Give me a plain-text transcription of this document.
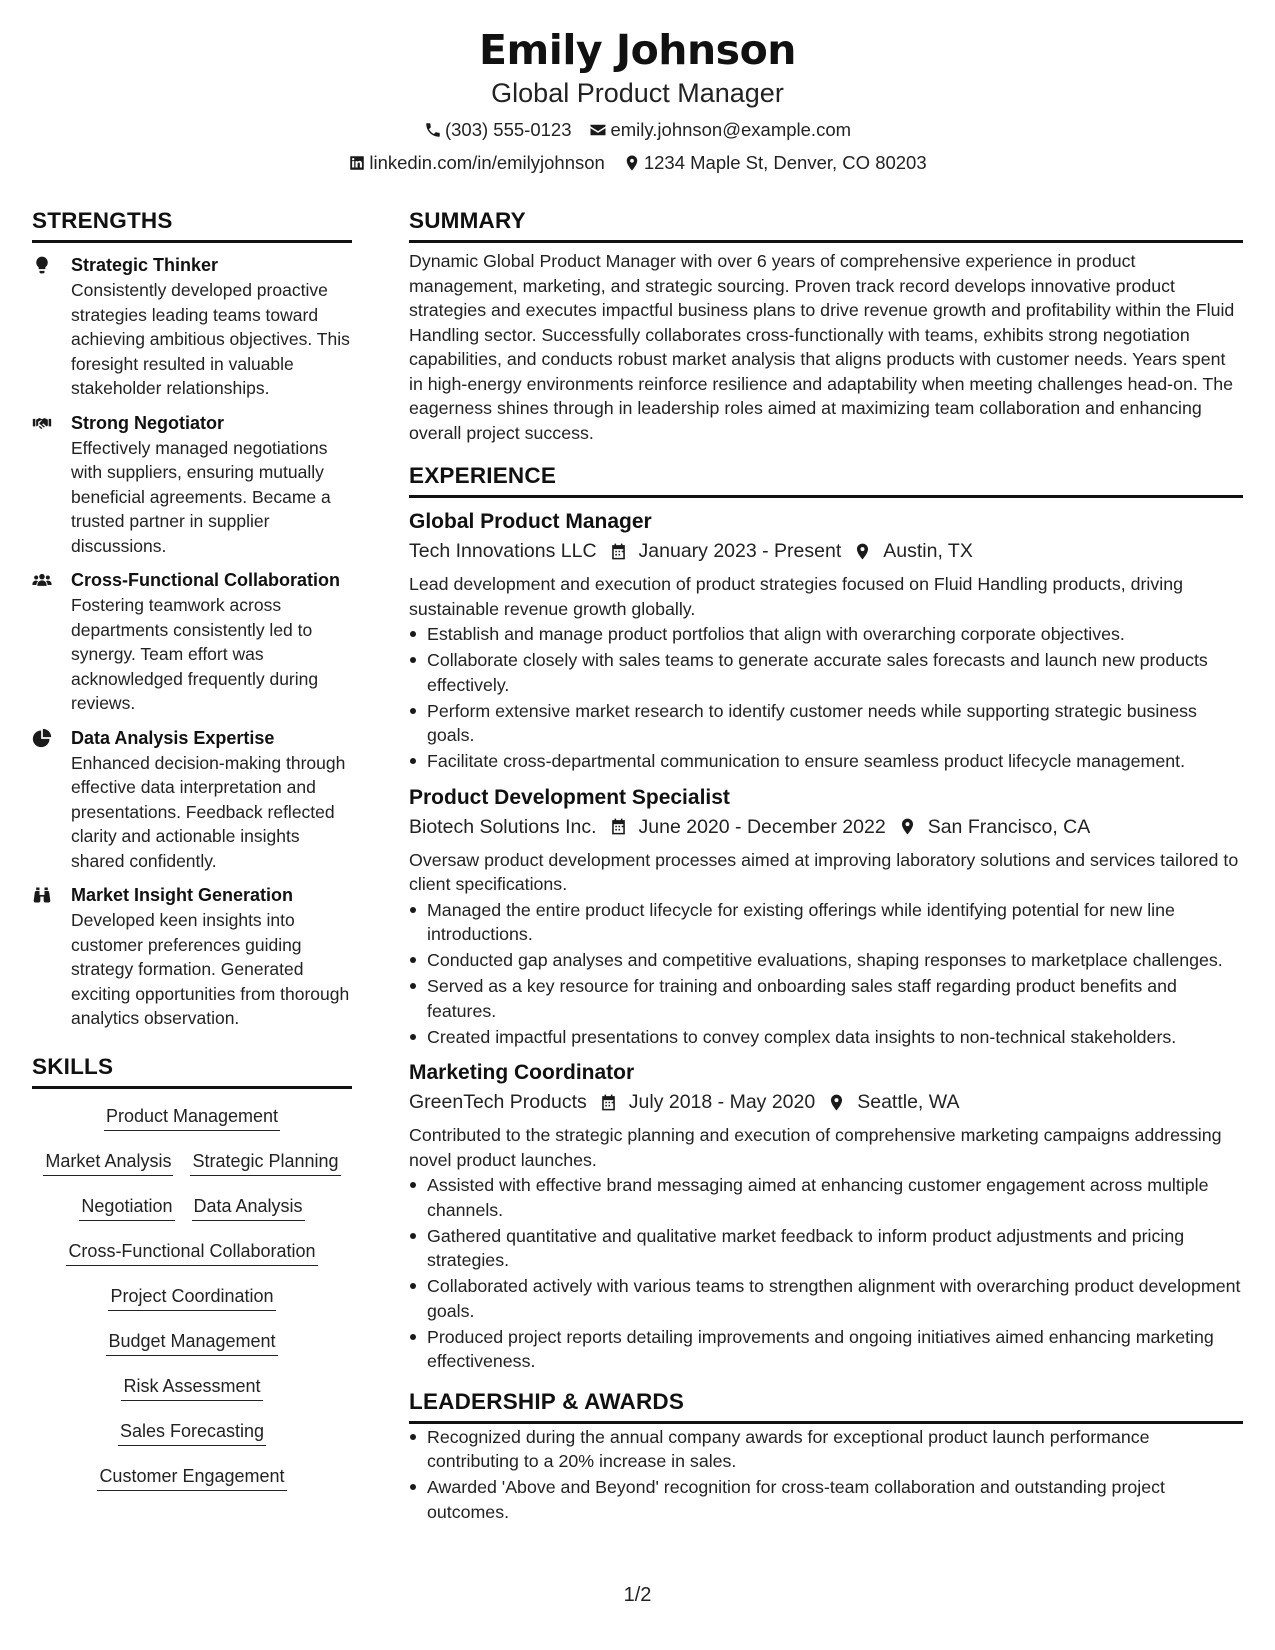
Emily Johnson
Global Product Manager
(303) 555-0123 emily.johnson@example.com
linkedin.com/in/emilyjohnson 1234 Maple St, Denver, CO 80203
STRENGTHS
Strategic Thinker
Consistently developed proactive strategies leading teams toward achieving ambitious objectives. This foresight resulted in valuable stakeholder relationships.
Strong Negotiator
Effectively managed negotiations with suppliers, ensuring mutually beneficial agreements. Became a trusted partner in supplier discussions.
Cross-Functional Collaboration
Fostering teamwork across departments consistently led to synergy. Team effort was acknowledged frequently during reviews.
Data Analysis Expertise
Enhanced decision-making through effective data interpretation and presentations. Feedback reflected clarity and actionable insights shared confidently.
Market Insight Generation
Developed keen insights into customer preferences guiding strategy formation. Generated exciting opportunities from thorough analytics observation.
SKILLS
Product Management
Market Analysis Strategic Planning
Negotiation Data Analysis
Cross-Functional Collaboration
Project Coordination
Budget Management
Risk Assessment
Sales Forecasting
Customer Engagement
SUMMARY
Dynamic Global Product Manager with over 6 years of comprehensive experience in product management, marketing, and strategic sourcing. Proven track record develops innovative product strategies and executes impactful business plans to drive revenue growth and profitability within the Fluid Handling sector. Successfully collaborates cross-functionally with teams, exhibits strong negotiation capabilities, and conducts robust market analysis that aligns products with customer needs. Years spent in high-energy environments reinforce resilience and adaptability when meeting challenges head-on. The eagerness shines through in leadership roles aimed at maximizing team collaboration and enhancing overall project success.
EXPERIENCE
Global Product Manager
Tech Innovations LLC January 2023 - Present Austin, TX
Lead development and execution of product strategies focused on Fluid Handling products, driving sustainable revenue growth globally.
Establish and manage product portfolios that align with overarching corporate objectives.
Collaborate closely with sales teams to generate accurate sales forecasts and launch new products effectively.
Perform extensive market research to identify customer needs while supporting strategic business goals.
Facilitate cross-departmental communication to ensure seamless product lifecycle management.
Product Development Specialist
Biotech Solutions Inc. June 2020 - December 2022 San Francisco, CA
Oversaw product development processes aimed at improving laboratory solutions and services tailored to client specifications.
Managed the entire product lifecycle for existing offerings while identifying potential for new line introductions.
Conducted gap analyses and competitive evaluations, shaping responses to marketplace challenges.
Served as a key resource for training and onboarding sales staff regarding product benefits and features.
Created impactful presentations to convey complex data insights to non-technical stakeholders.
Marketing Coordinator
GreenTech Products July 2018 - May 2020 Seattle, WA
Contributed to the strategic planning and execution of comprehensive marketing campaigns addressing novel product launches.
Assisted with effective brand messaging aimed at enhancing customer engagement across multiple channels.
Gathered quantitative and qualitative market feedback to inform product adjustments and pricing strategies.
Collaborated actively with various teams to strengthen alignment with overarching product development goals.
Produced project reports detailing improvements and ongoing initiatives aimed enhancing marketing effectiveness.
LEADERSHIP & AWARDS
Recognized during the annual company awards for exceptional product launch performance contributing to a 20% increase in sales.
Awarded 'Above and Beyond' recognition for cross-team collaboration and outstanding project outcomes.
1/2
